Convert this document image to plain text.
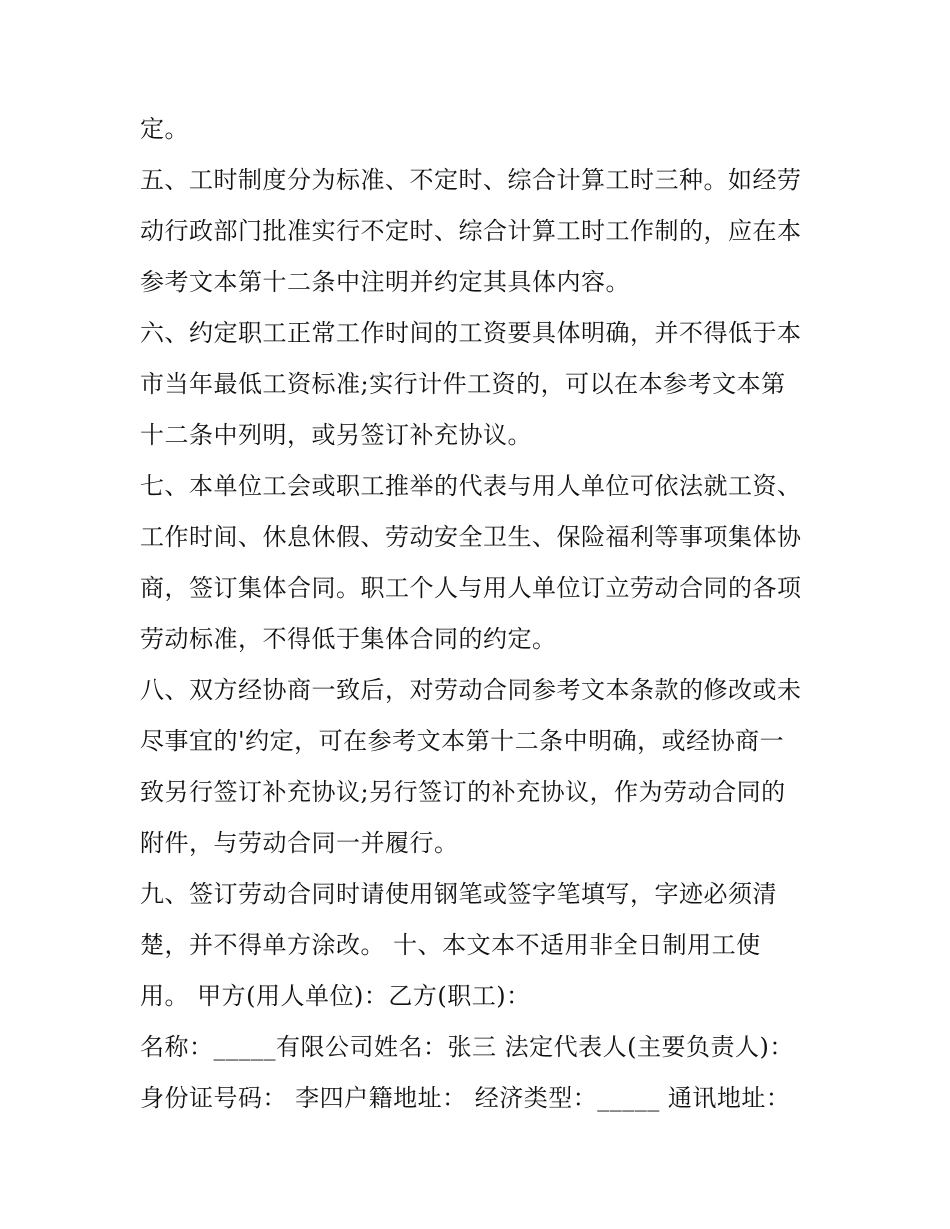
定。
五、工时制度分为标准、不定时、综合计算工时三种。如经劳
动行政部门批准实行不定时、综合计算工时工作制的，应在本
参考文本第十二条中注明并约定其具体内容。
六、约定职工正常工作时间的工资要具体明确，并不得低于本
市当年最低工资标准;实行计件工资的，可以在本参考文本第
十二条中列明，或另签订补充协议。
七、本单位工会或职工推举的代表与用人单位可依法就工资、
工作时间、休息休假、劳动安全卫生、保险福利等事项集体协
商，签订集体合同。职工个人与用人单位订立劳动合同的各项
劳动标准，不得低于集体合同的约定。
八、双方经协商一致后，对劳动合同参考文本条款的修改或未
尽事宜的'约定，可在参考文本第十二条中明确，或经协商一
致另行签订补充协议;另行签订的补充协议，作为劳动合同的
附件，与劳动合同一并履行。
九、签订劳动合同时请使用钢笔或签字笔填写，字迹必须清
楚，并不得单方涂改。 十、本文本不适用非全日制用工使
用。 甲方(用人单位)：乙方(职工)：
名称：_____有限公司姓名：张三 法定代表人(主要负责人)：
身份证号码： 李四户籍地址： 经济类型：_____ 通讯地址：
